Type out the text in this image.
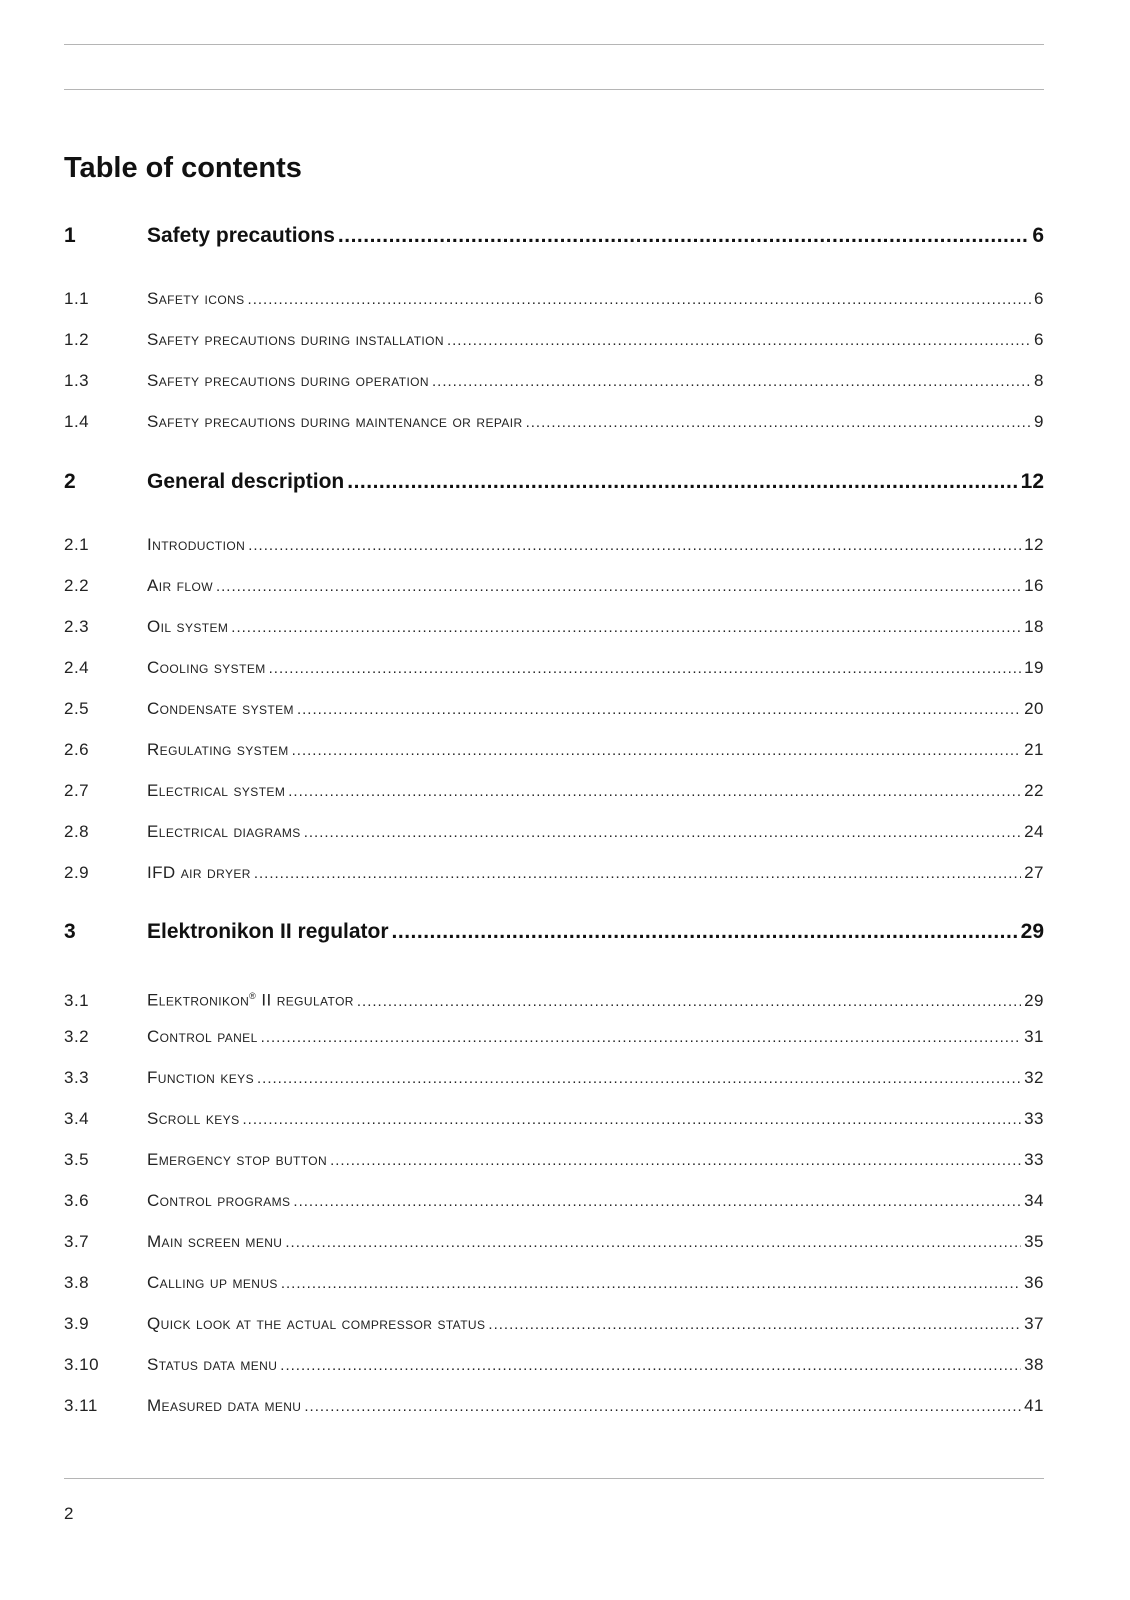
Table of contents
1	Safety precautions .....	6
1.1	Safety icons .....	6
1.2	Safety precautions during installation .....	6
1.3	Safety precautions during operation .....	8
1.4	Safety precautions during maintenance or repair .....	9
2	General description .....	12
2.1	Introduction .....	12
2.2	Air flow .....	16
2.3	Oil system .....	18
2.4	Cooling system .....	19
2.5	Condensate system .....	20
2.6	Regulating system .....	21
2.7	Electrical system .....	22
2.8	Electrical diagrams .....	24
2.9	IFD air dryer .....	27
3	Elektronikon II regulator .....	29
3.1	Elektronikon® II regulator .....	29
3.2	Control panel .....	31
3.3	Function keys .....	32
3.4	Scroll keys .....	33
3.5	Emergency stop button .....	33
3.6	Control programs .....	34
3.7	Main screen menu .....	35
3.8	Calling up menus .....	36
3.9	Quick look at the actual compressor status .....	37
3.10	Status data menu .....	38
3.11	Measured data menu .....	41
2
